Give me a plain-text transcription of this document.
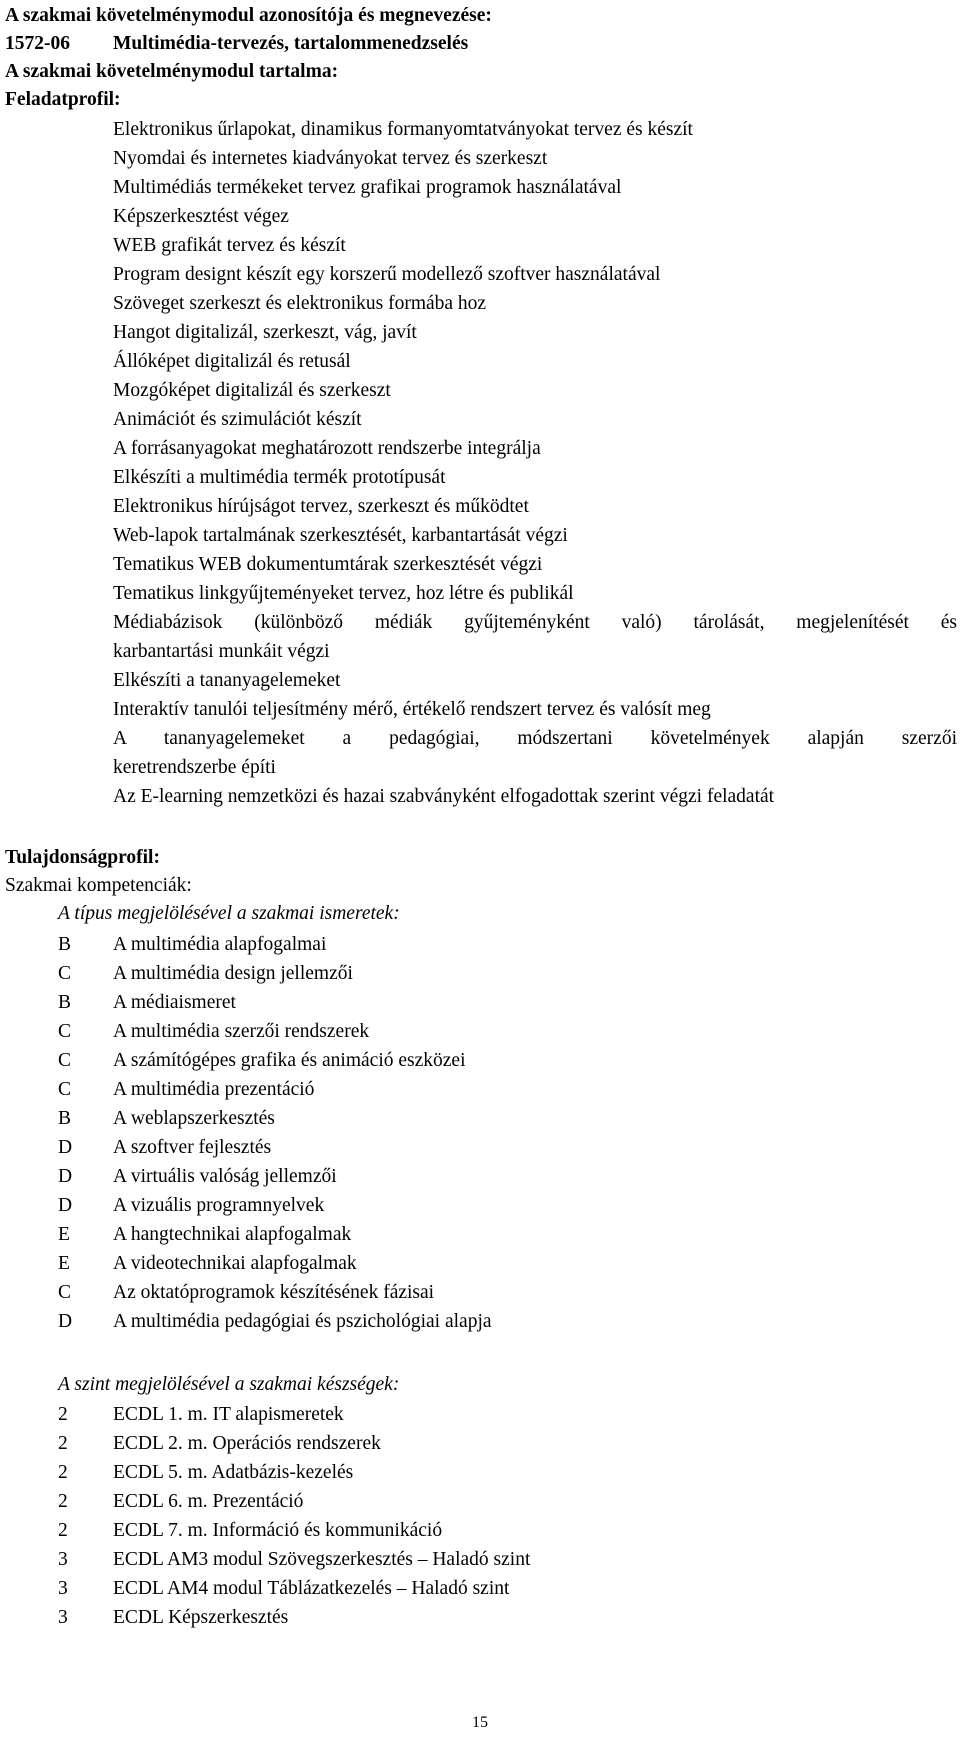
A szakmai követelménymodul azonosítója és megnevezése:
1572-06 Multimédia-tervezés, tartalommenedzselés
A szakmai követelménymodul tartalma:
Feladatprofil:
Elektronikus űrlapokat, dinamikus formanyomtatványokat tervez és készít
Nyomdai és internetes kiadványokat tervez és szerkeszt
Multimédiás termékeket tervez grafikai programok használatával
Képszerkesztést végez
WEB grafikát tervez és készít
Program designt készít egy korszerű modellező szoftver használatával
Szöveget szerkeszt és elektronikus formába hoz
Hangot digitalizál, szerkeszt, vág, javít
Állóképet digitalizál és retusál
Mozgóképet digitalizál és szerkeszt
Animációt és szimulációt készít
A forrásanyagokat meghatározott rendszerbe integrálja
Elkészíti a multimédia termék prototípusát
Elektronikus hírújságot tervez, szerkeszt és működtet
Web-lapok tartalmának szerkesztését, karbantartását végzi
Tematikus WEB dokumentumtárak szerkesztését végzi
Tematikus linkgyűjteményeket tervez, hoz létre és publikál
Médiabázisok (különböző médiák gyűjteményként való) tárolását, megjelenítését és
karbantartási munkáit végzi
Elkészíti a tananyagelemeket
Interaktív tanulói teljesítmény mérő, értékelő rendszert tervez és valósít meg
A tananyagelemeket a pedagógiai, módszertani követelmények alapján szerzői
keretrendszerbe építi
Az E-learning nemzetközi és hazai szabványként elfogadottak szerint végzi feladatát
Tulajdonságprofil:
Szakmai kompetenciák:
A típus megjelölésével a szakmai ismeretek:
B A multimédia alapfogalmai
C A multimédia design jellemzői
B A médiaismeret
C A multimédia szerzői rendszerek
C A számítógépes grafika és animáció eszközei
C A multimédia prezentáció
B A weblapszerkesztés
D A szoftver fejlesztés
D A virtuális valóság jellemzői
D A vizuális programnyelvek
E A hangtechnikai alapfogalmak
E A videotechnikai alapfogalmak
C Az oktatóprogramok készítésének fázisai
D A multimédia pedagógiai és pszichológiai alapja
A szint megjelölésével a szakmai készségek:
2 ECDL 1. m. IT alapismeretek
2 ECDL 2. m. Operációs rendszerek
2 ECDL 5. m. Adatbázis-kezelés
2 ECDL 6. m. Prezentáció
2 ECDL 7. m. Információ és kommunikáció
3 ECDL AM3 modul Szövegszerkesztés – Haladó szint
3 ECDL AM4 modul Táblázatkezelés – Haladó szint
3 ECDL Képszerkesztés
15
